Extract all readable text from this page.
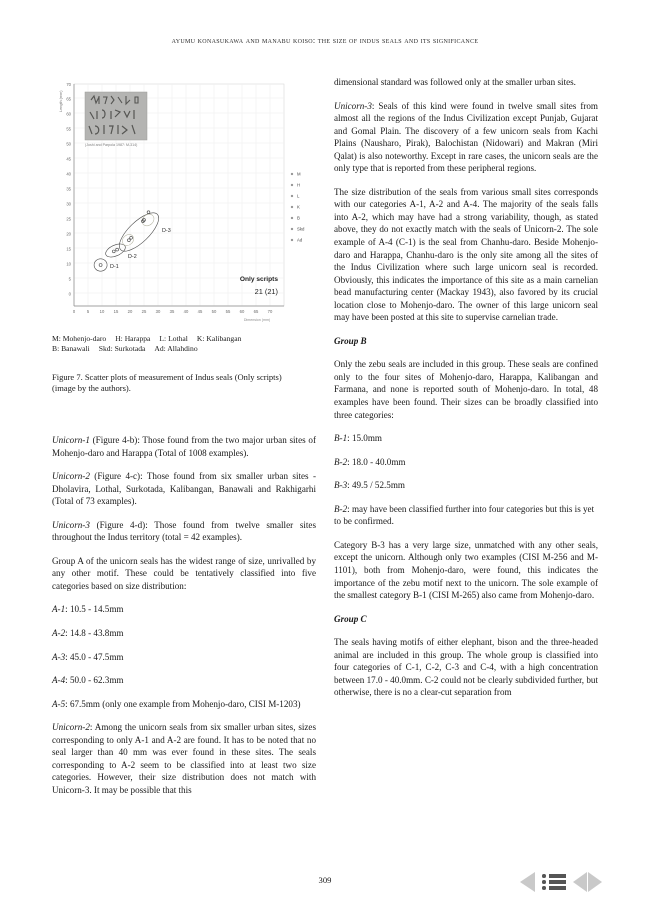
ayumu konasukawa and manabu koiso: the size of indus seals and its significance
70
65
60
55
50
45
40
35
30
25
20
15
10
5
0
0	5 10 15 20 25 30 35 40 45 50 55 60 65 70
Length (mm)
Dimension (mm)
(Joshi and Parpola 1987: M-314)
D-1
D-2
D-3
Only scripts
21 (21)
M
H
L
K
B
Skd
Ad
M: Mohenjo-daro H: Harappa L: Lothal K: Kalibangan
B: Banawali Skd: Surkotada Ad: Allahdino
Figure 7. Scatter plots of measurement of Indus seals (Only scripts) (image by the authors).

Unicorn-1 (Figure 4-b): Those found from the two major urban sites of Mohenjo-daro and Harappa (Total of 1008 examples).

Unicorn-2 (Figure 4-c): Those found from six smaller urban sites - Dholavira, Lothal, Surkotada, Kalibangan, Banawali and Rakhigarhi (Total of 73 examples).

Unicorn-3 (Figure 4-d): Those found from twelve smaller sites throughout the Indus territory (total = 42 examples).

Group A of the unicorn seals has the widest range of size, unrivalled by any other motif. These could be tentatively classified into five categories based on size distribution:

A-1: 10.5 - 14.5mm

A-2: 14.8 - 43.8mm

A-3: 45.0 - 47.5mm

A-4: 50.0 - 62.3mm

A-5: 67.5mm (only one example from Mohenjo-daro, CISI M-1203)

Unicorn-2: Among the unicorn seals from six smaller urban sites, sizes corresponding to only A-1 and A-2 are found. It has to be noted that no seal larger than 40 mm was ever found in these sites. The seals corresponding to A-2 seem to be classified into at least two size categories. However, their size distribution does not match with Unicorn-3. It may be possible that this

dimensional standard was followed only at the smaller urban sites.

Unicorn-3: Seals of this kind were found in twelve small sites from almost all the regions of the Indus Civilization except Punjab, Gujarat and Gomal Plain. The discovery of a few unicorn seals from Kachi Plains (Nausharo, Pirak), Balochistan (Nidowari) and Makran (Miri Qalat) is also noteworthy. Except in rare cases, the unicorn seals are the only type that is reported from these peripheral regions.

The size distribution of the seals from various small sites corresponds with our categories A-1, A-2 and A-4. The majority of the seals falls into A-2, which may have had a strong variability, though, as stated above, they do not exactly match with the seals of Unicorn-2. The sole example of A-4 (C-1) is the seal from Chanhu-daro. Beside Mohenjo-daro and Harappa, Chanhu-daro is the only site among all the sites of the Indus Civilization where such large unicorn seal is recorded. Obviously, this indicates the importance of this site as a main carnelian bead manufacturing center (Mackay 1943), also favored by its crucial location close to Mohenjo-daro. The owner of this large unicorn seal may have been posted at this site to supervise carnelian trade.

Group B

Only the zebu seals are included in this group. These seals are confined only to the four sites of Mohenjo-daro, Harappa, Kalibangan and Farmana, and none is reported south of Mohenjo-daro. In total, 48 examples have been found. Their sizes can be broadly classified into three categories:

B-1: 15.0mm

B-2: 18.0 - 40.0mm

B-3: 49.5 / 52.5mm

B-2: may have been classified further into four categories but this is yet to be confirmed.

Category B-3 has a very large size, unmatched with any other seals, except the unicorn. Although only two examples (CISI M-256 and M-1101), both from Mohenjo-daro, were found, this indicates the importance of the zebu motif next to the unicorn. The sole example of the smallest category B-1 (CISI M-265) also came from Mohenjo-daro.

Group C

The seals having motifs of either elephant, bison and the three-headed animal are included in this group. The whole group is classified into four categories of C-1, C-2, C-3 and C-4, with a high concentration between 17.0 - 40.0mm. C-2 could not be clearly subdivided further, but otherwise, there is no a clear-cut separation from

309
